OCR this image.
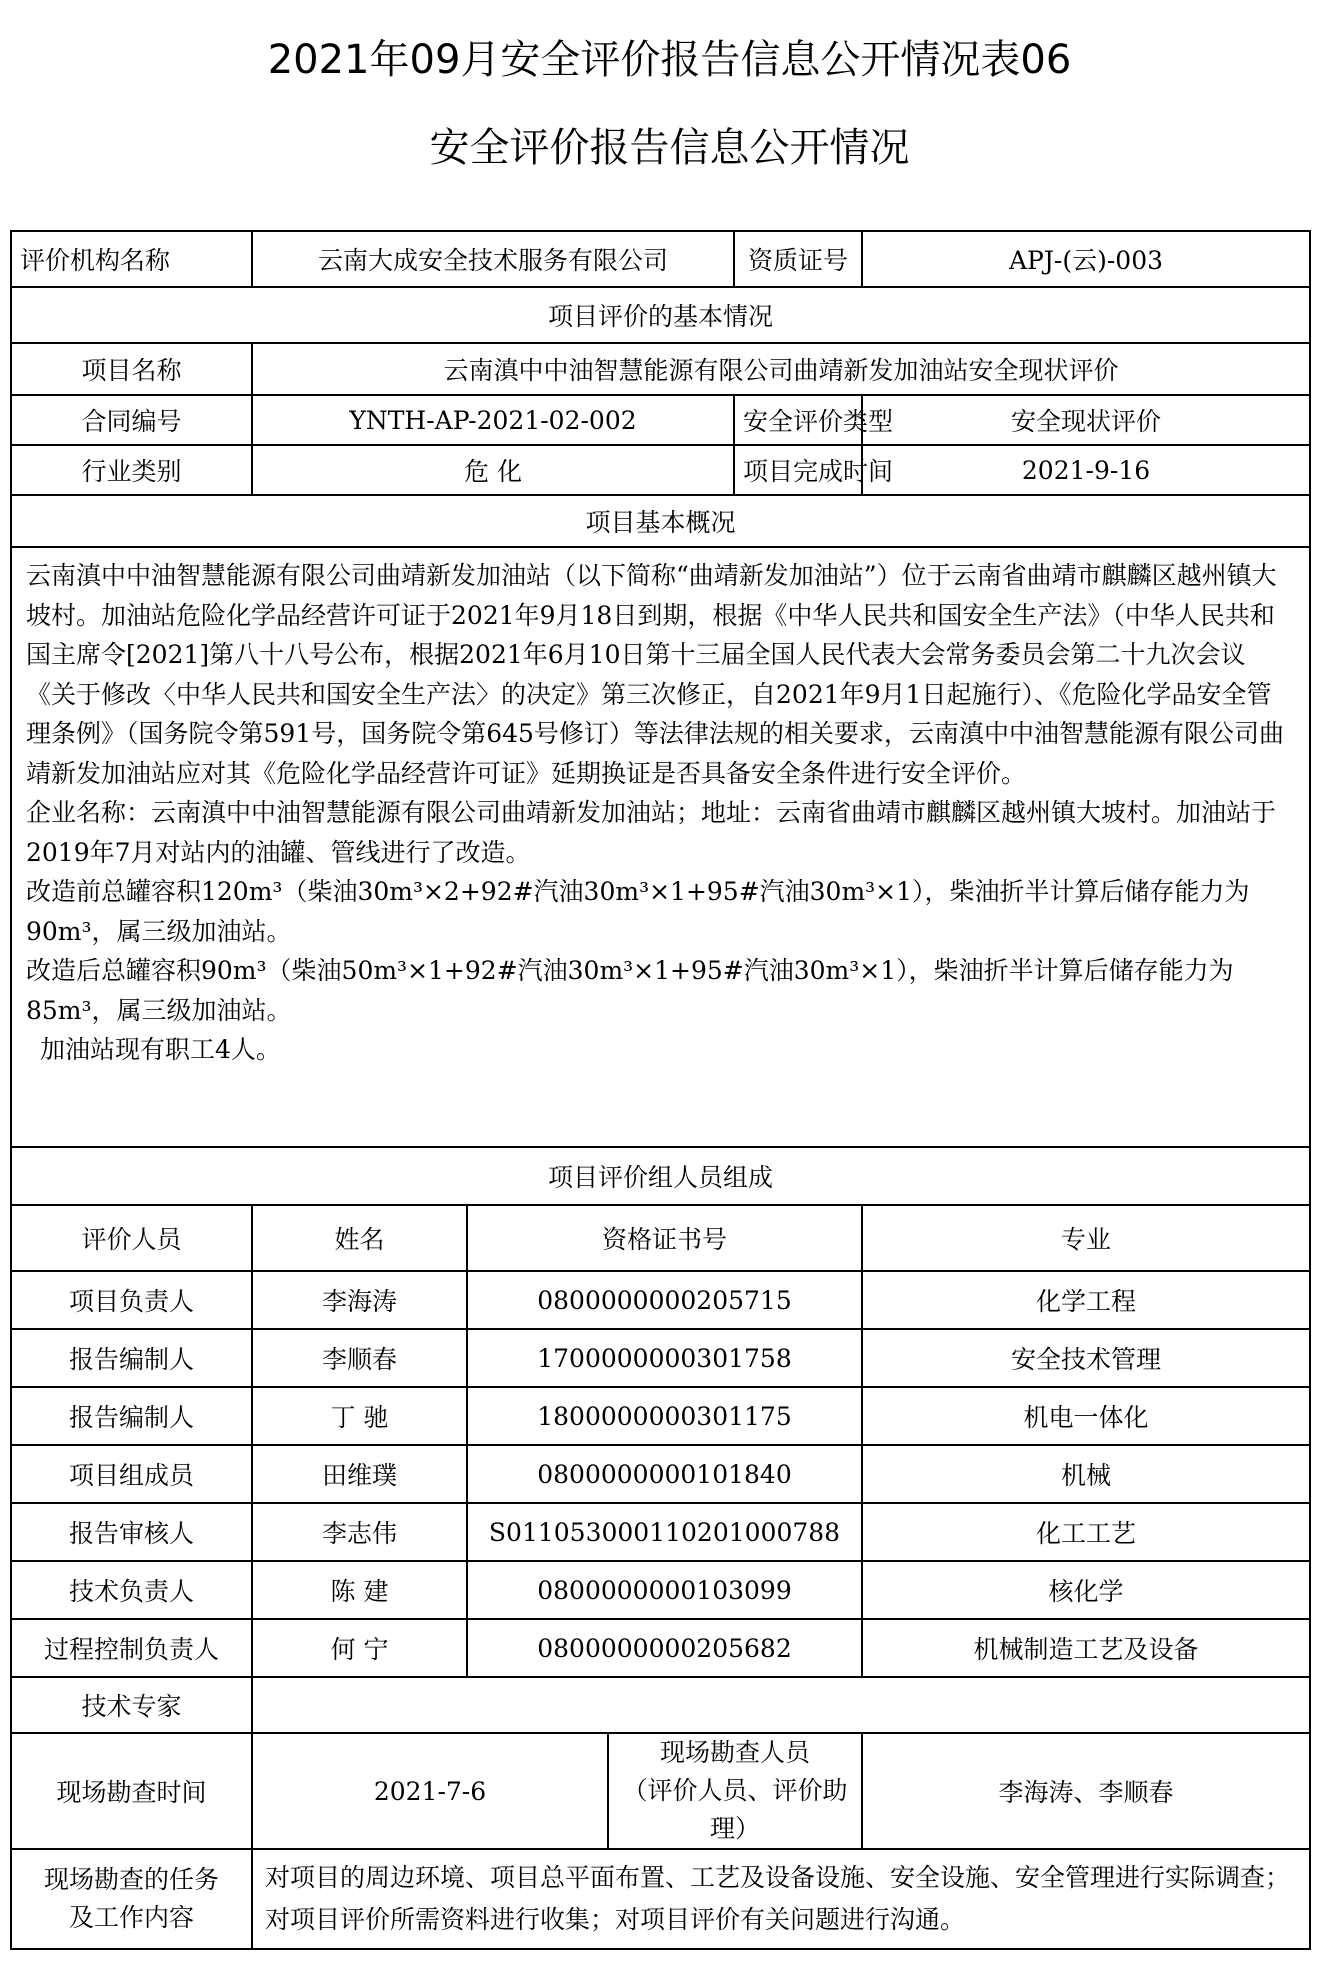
2021年09月安全评价报告信息公开情况表06
安全评价报告信息公开情况
评价机构名称	云南大成安全技术服务有限公司			资质证号	APJ-(云)-003
项目评价的基本情况					
项目名称	云南滇中中油智慧能源有限公司曲靖新发加油站安全现状评价				
合同编号	YNTH-AP-2021-02-002			安全评价类型	安全现状评价
行业类别	危 化			项目完成时间	2021-9-16
项目基本概况					

云南滇中中油智慧能源有限公司曲靖新发加油站（以下简称“曲靖新发加油站”）位于云南省曲靖市麒麟区越州镇大坡村。加油站危险化学品经营许可证于2021年9月18日到期，根据《中华人民共和国安全生产法》（中华人民共和国主席令[2021]第八十八号公布，根据2021年6月10日第十三届全国人民代表大会常务委员会第二十九次会议《关于修改〈中华人民共和国安全生产法〉的决定》第三次修正，自2021年9月1日起施行）、《危险化学品安全管理条例》（国务院令第591号，国务院令第645号修订）等法律法规的相关要求，云南滇中中油智慧能源有限公司曲靖新发加油站应对其《危险化学品经营许可证》延期换证是否具备安全条件进行安全评价。

企业名称：云南滇中中油智慧能源有限公司曲靖新发加油站；地址：云南省曲靖市麒麟区越州镇大坡村。加油站于2019年7月对站内的油罐、管线进行了改造。

改造前总罐容积120m³（柴油30m³×2+92#汽油30m³×1+95#汽油30m³×1），柴油折半计算后储存能力为90m³，属三级加油站。

改造后总罐容积90m³（柴油50m³×1+92#汽油30m³×1+95#汽油30m³×1），柴油折半计算后储存能力为85m³，属三级加油站。

加油站现有职工4人。					

项目评价组人员组成					
评价人员	姓名	资格证书号			专业
项目负责人	李海涛	0800000000205715			化学工程
报告编制人	李顺春	1700000000301758			安全技术管理
报告编制人	丁 驰	1800000000301175			机电一体化
项目组成员	田维璞	0800000000101840			机械
报告审核人	李志伟	S011053000110201000788			化工工艺
技术负责人	陈 建	0800000000103099			核化学
过程控制负责人	何 宁	0800000000205682			机械制造工艺及设备
技术专家					
现场勘查时间	2021-7-6		现场勘查人员
（评价人员、评价助理）		李海涛、李顺春

现场勘查的任务
及工作内容	对项目的周边环境、项目总平面布置、工艺及设备设施、安全设施、安全管理进行实际调查；对项目评价所需资料进行收集；对项目评价有关问题进行沟通。				
